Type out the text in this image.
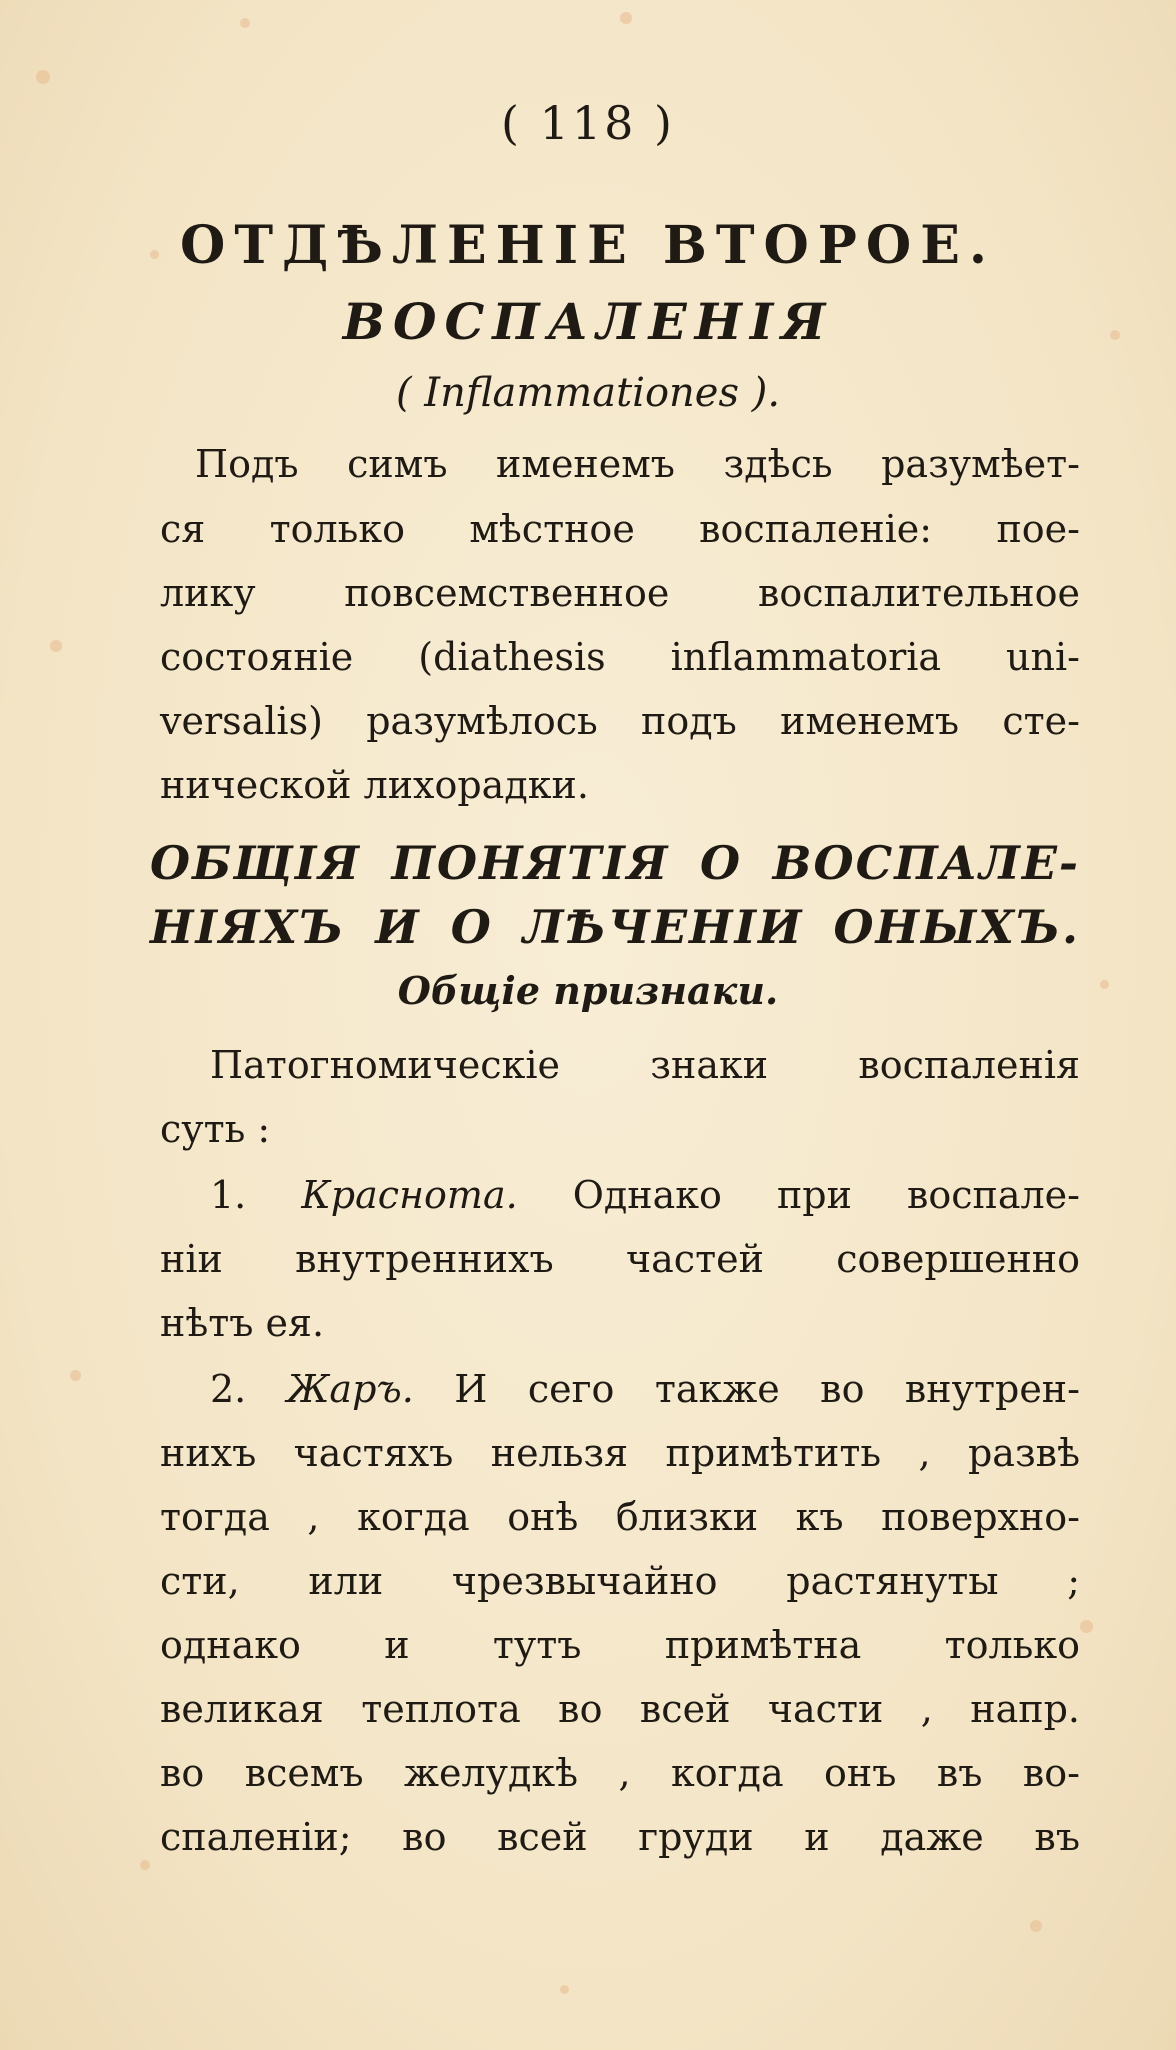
( 118 )
ОТДѢЛЕНІЕ ВТОРОЕ.
ВОСПАЛЕНІЯ
( Inflammationes ).
Подъ симъ именемъ здѣсь разумѣет-
ся только мѣстное воспаленіе: пое-
лику повсемственное воспалительное
состояніе (diathesis inflammatoria uni-
versalis) разумѣлось подъ именемъ сте-
нической лихорадки.
ОБЩІЯ ПОНЯТІЯ О ВОСПАЛЕ-
НІЯХЪ И О ЛѢЧЕНІИ ОНЫХЪ.
Общіе признаки.
Патогномическіе знаки воспаленія
суть :
1. Краснота. Однако при воспале-
ніи внутреннихъ частей совершенно
нѣтъ ея.
2. Жаръ. И сего также во внутрен-
нихъ частяхъ нельзя примѣтить , развѣ
тогда , когда онѣ близки къ поверхно-
сти, или чрезвычайно растянуты ;
однако и тутъ примѣтна только
великая теплота во всей части , напр.
во всемъ желудкѣ , когда онъ въ во-
спаленіи; во всей груди и даже въ
